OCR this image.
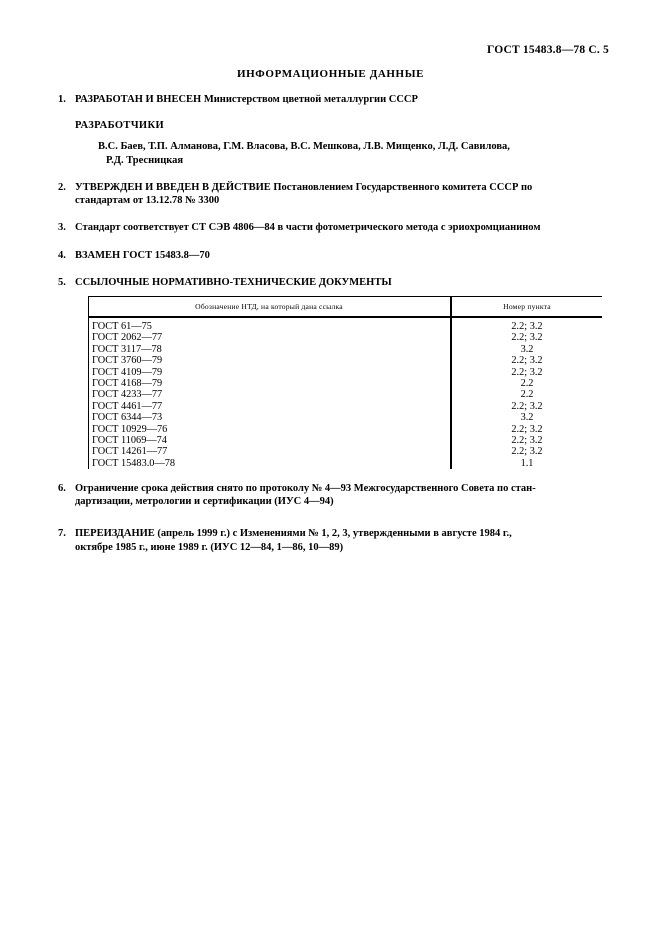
ГОСТ 15483.8—78 С. 5
ИНФОРМАЦИОННЫЕ ДАННЫЕ
1. РАЗРАБОТАН И ВНЕСЕН Министерством цветной металлургии СССР
РАЗРАБОТЧИКИ
В.С. Баев, Т.П. Алманова, Г.М. Власова, В.С. Мешкова, Л.В. Мищенко, Л.Д. Савилова,
Р.Д. Тресницкая
2. УТВЕРЖДЕН И ВВЕДЕН В ДЕЙСТВИЕ Постановлением Государственного комитета СССР по
стандартам от 13.12.78 № 3300
3. Стандарт соответствует СТ СЭВ 4806—84 в части фотометрического метода с эриохромцианином
4. ВЗАМЕН ГОСТ 15483.8—70
5. ССЫЛОЧНЫЕ НОРМАТИВНО-ТЕХНИЧЕСКИЕ ДОКУМЕНТЫ
Обозначение НТД, на который дана ссылка	Номер пункта
ГОСТ 61—75	2.2; 3.2
ГОСТ 2062—77	2.2; 3.2
ГОСТ 3117—78	3.2
ГОСТ 3760—79	2.2; 3.2
ГОСТ 4109—79	2.2; 3.2
ГОСТ 4168—79	2.2
ГОСТ 4233—77	2.2
ГОСТ 4461—77	2.2; 3.2
ГОСТ 6344—73	3.2
ГОСТ 10929—76	2.2; 3.2
ГОСТ 11069—74	2.2; 3.2
ГОСТ 14261—77	2.2; 3.2
ГОСТ 15483.0—78	1.1
6. Ограничение срока действия снято по протоколу № 4—93 Межгосударственного Совета по стан-
дартизации, метрологии и сертификации (ИУС 4—94)
7. ПЕРЕИЗДАНИЕ (апрель 1999 г.) с Изменениями № 1, 2, 3, утвержденными в августе 1984 г.,
октябре 1985 г., июне 1989 г. (ИУС 12—84, 1—86, 10—89)
